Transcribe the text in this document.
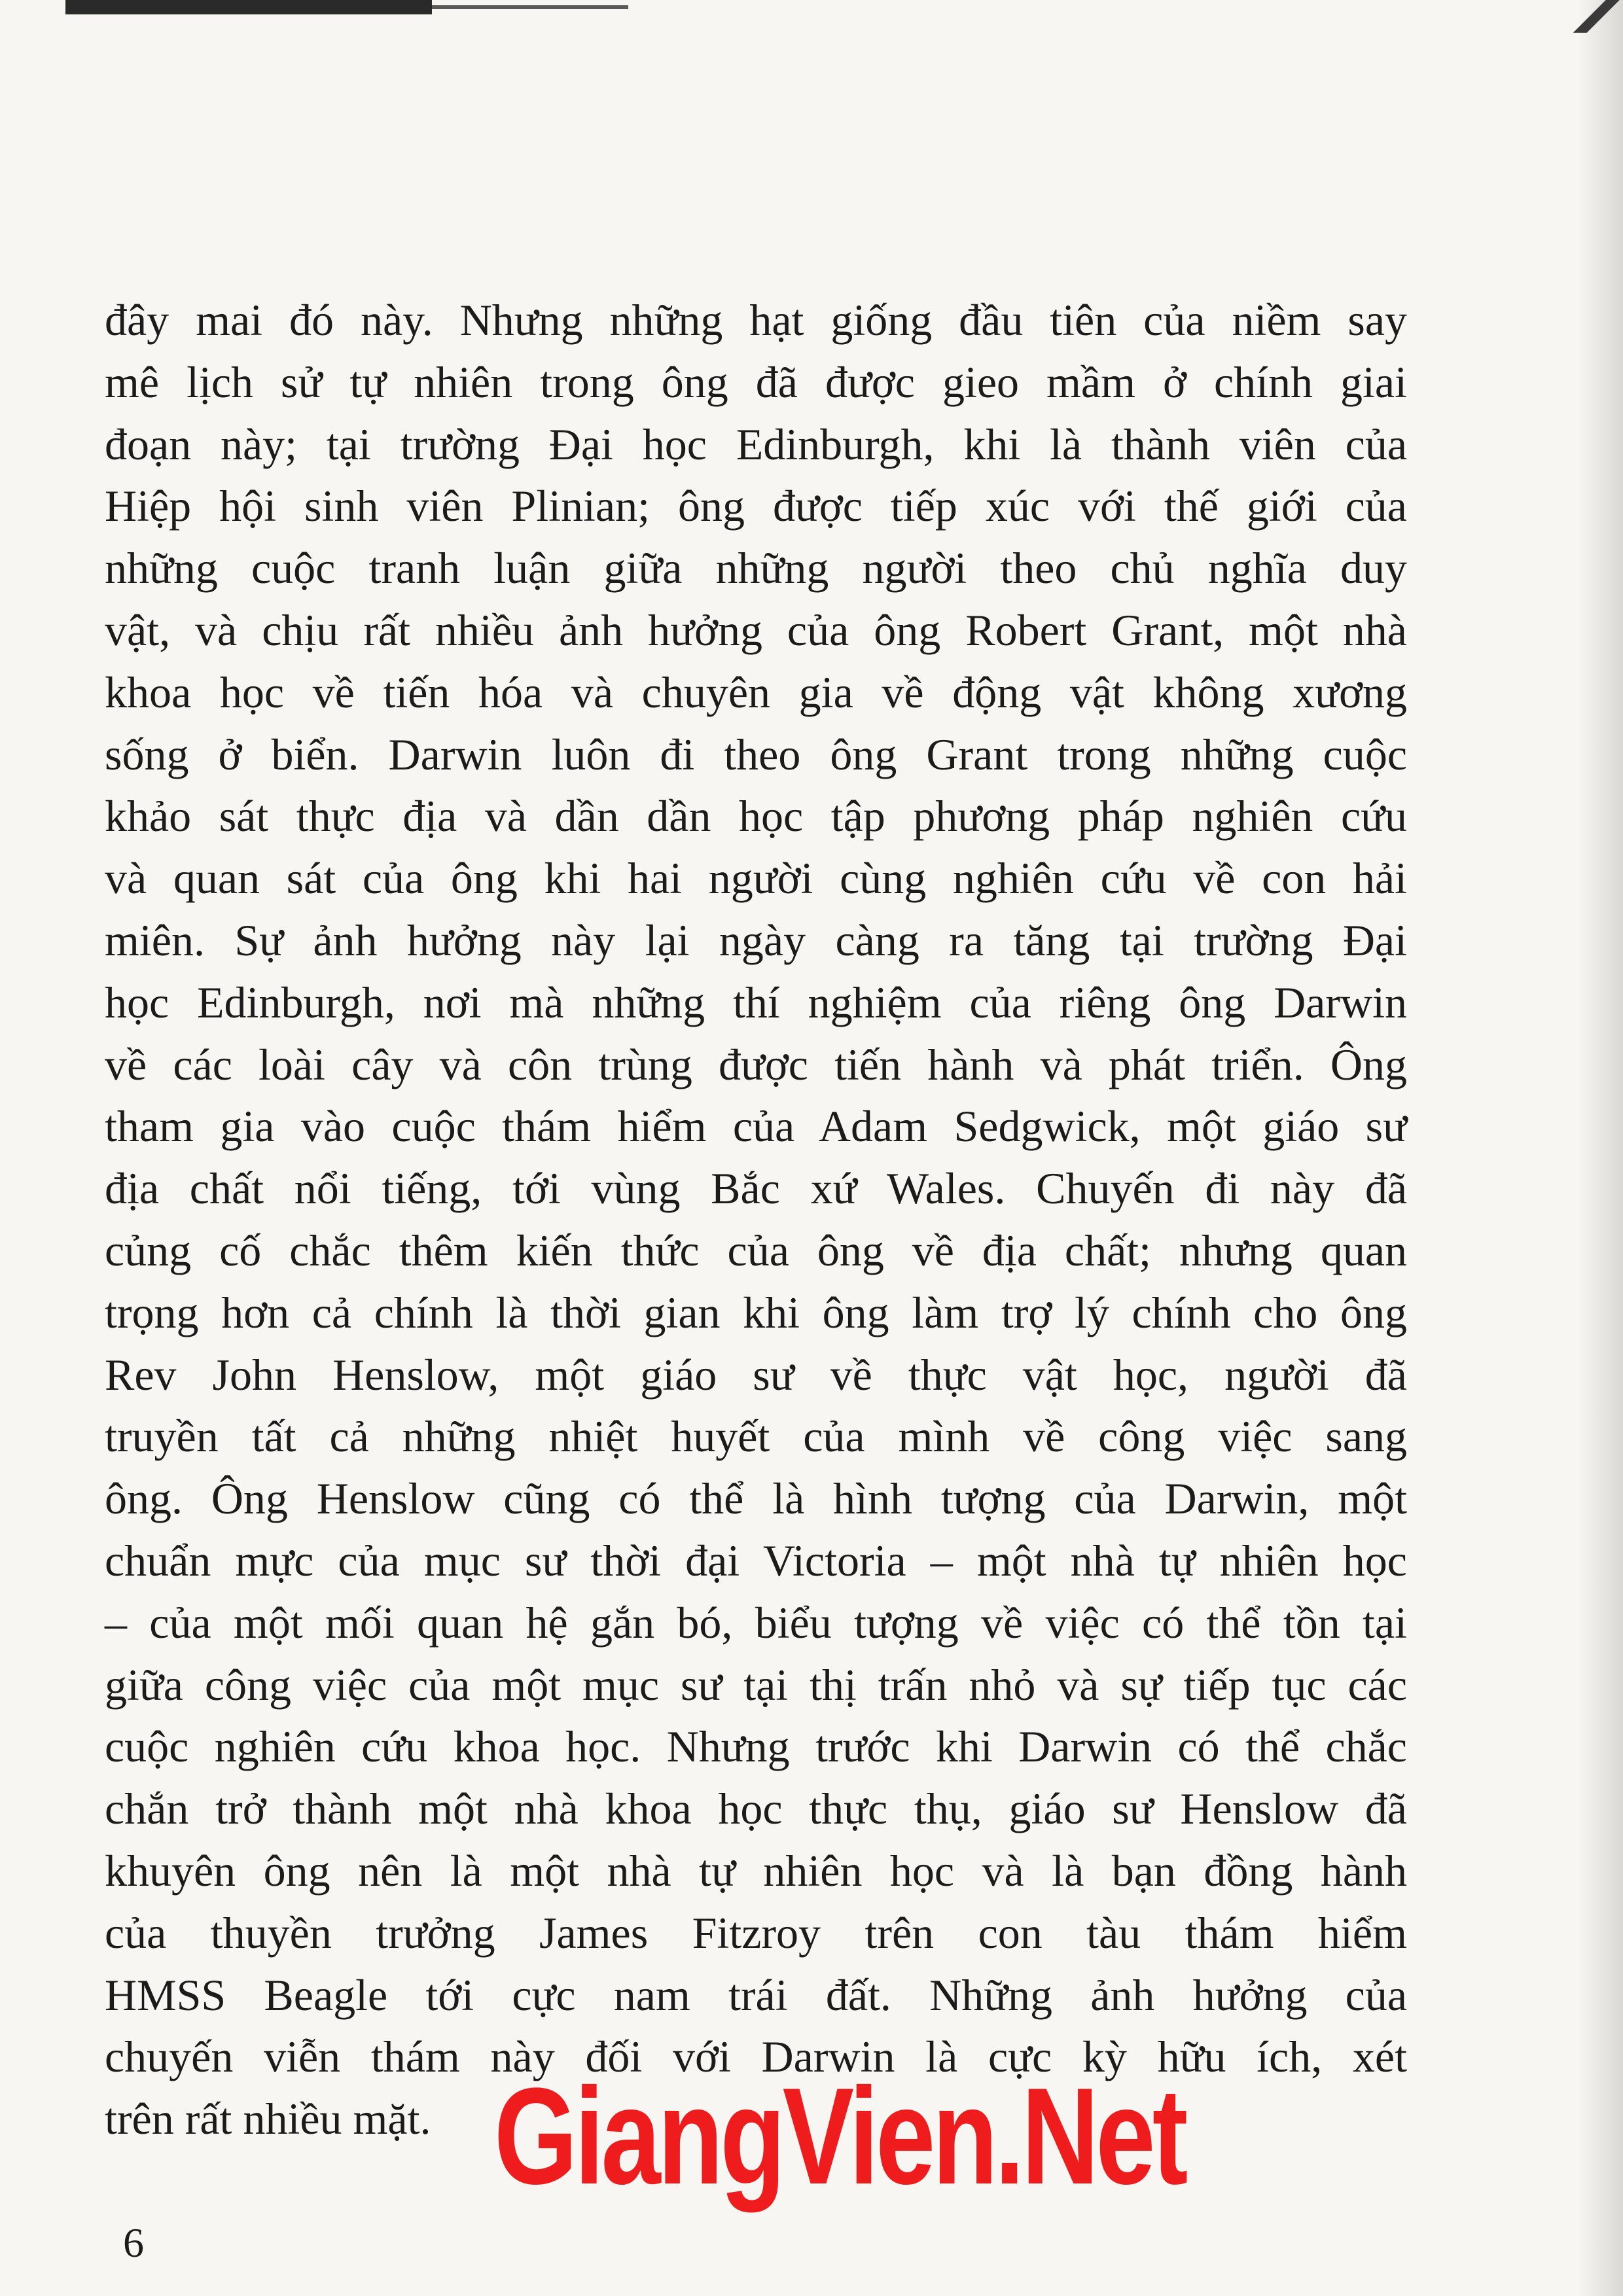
đây mai đó này. Nhưng những hạt giống đầu tiên của niềm say
mê lịch sử tự nhiên trong ông đã được gieo mầm ở chính giai
đoạn này; tại trường Đại học Edinburgh, khi là thành viên của
Hiệp hội sinh viên Plinian; ông được tiếp xúc với thế giới của
những cuộc tranh luận giữa những người theo chủ nghĩa duy
vật, và chịu rất nhiều ảnh hưởng của ông Robert Grant, một nhà
khoa học về tiến hóa và chuyên gia về động vật không xương
sống ở biển. Darwin luôn đi theo ông Grant trong những cuộc
khảo sát thực địa và dần dần học tập phương pháp nghiên cứu
và quan sát của ông khi hai người cùng nghiên cứu về con hải
miên. Sự ảnh hưởng này lại ngày càng ra tăng tại trường Đại
học Edinburgh, nơi mà những thí nghiệm của riêng ông Darwin
về các loài cây và côn trùng được tiến hành và phát triển. Ông
tham gia vào cuộc thám hiểm của Adam Sedgwick, một giáo sư
địa chất nổi tiếng, tới vùng Bắc xứ Wales. Chuyến đi này đã
củng cố chắc thêm kiến thức của ông về địa chất; nhưng quan
trọng hơn cả chính là thời gian khi ông làm trợ lý chính cho ông
Rev John Henslow, một giáo sư về thực vật học, người đã
truyền tất cả những nhiệt huyết của mình về công việc sang
ông. Ông Henslow cũng có thể là hình tượng của Darwin, một
chuẩn mực của mục sư thời đại Victoria – một nhà tự nhiên học
– của một mối quan hệ gắn bó, biểu tượng về việc có thể tồn tại
giữa công việc của một mục sư tại thị trấn nhỏ và sự tiếp tục các
cuộc nghiên cứu khoa học. Nhưng trước khi Darwin có thể chắc
chắn trở thành một nhà khoa học thực thụ, giáo sư Henslow đã
khuyên ông nên là một nhà tự nhiên học và là bạn đồng hành
của thuyền trưởng James Fitzroy trên con tàu thám hiểm
HMSS Beagle tới cực nam trái đất. Những ảnh hưởng của
chuyến viễn thám này đối với Darwin là cực kỳ hữu ích, xét
trên rất nhiều mặt. GiangVien.Net

6
